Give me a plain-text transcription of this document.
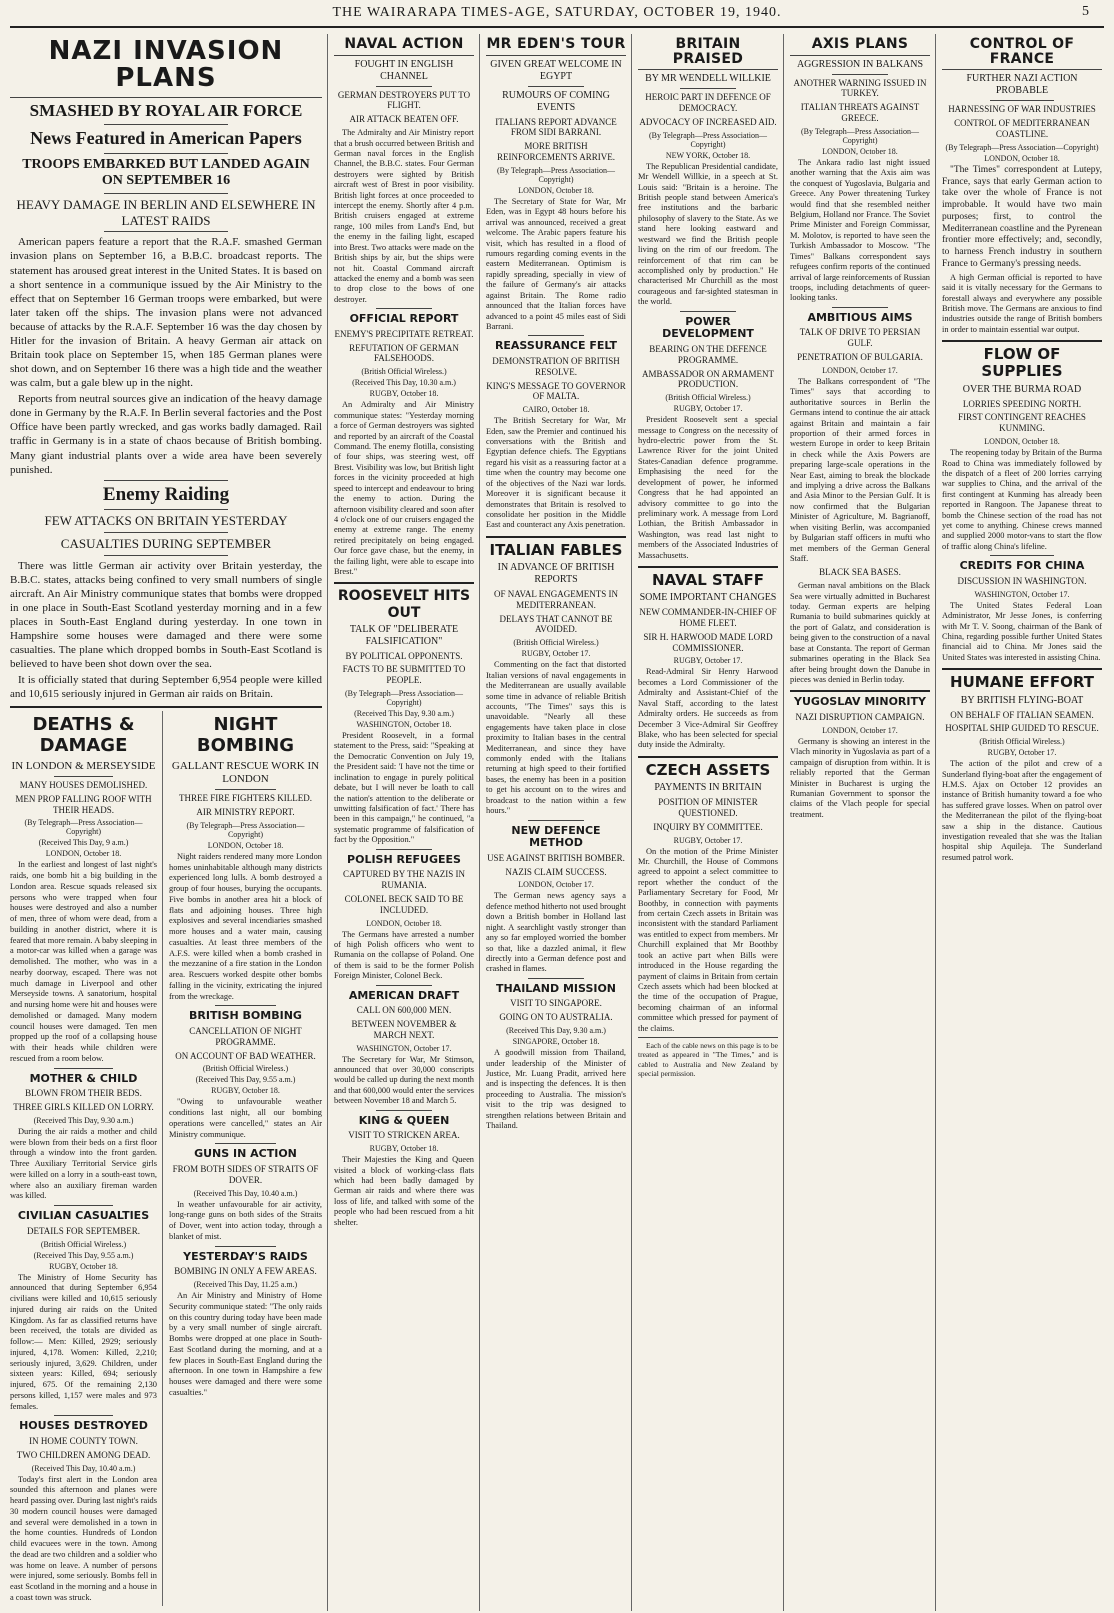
THE WAIRARAPA TIMES-AGE, SATURDAY, OCTOBER 19, 1940.	5
NAZI INVASION PLANS
SMASHED BY ROYAL AIR FORCE
News Featured in American Papers
TROOPS EMBARKED BUT LANDED AGAIN ON SEPTEMBER 16
HEAVY DAMAGE IN BERLIN AND ELSEWHERE IN LATEST RAIDS

American papers feature a report that the R.A.F. smashed German invasion plans on September 16, a B.B.C. broadcast reports. The statement has aroused great interest in the United States. It is based on a short sentence in a communique issued by the Air Ministry to the effect that on September 16 German troops were embarked, but were later taken off the ships. The invasion plans were not advanced because of attacks by the R.A.F. September 16 was the day chosen by Hitler for the invasion of Britain. A heavy German air attack on Britain took place on September 15, when 185 German planes were shot down, and on September 16 there was a high tide and the weather was calm, but a gale blew up in the night.

Reports from neutral sources give an indication of the heavy damage done in Germany by the R.A.F. In Berlin several factories and the Post Office have been partly wrecked, and gas works badly damaged. Rail traffic in Germany is in a state of chaos because of British bombing. Many giant industrial plants over a wide area have been severely punished.

Enemy Raiding
FEW ATTACKS ON BRITAIN YESTERDAY
CASUALTIES DURING SEPTEMBER

There was little German air activity over Britain yesterday, the B.B.C. states, attacks being confined to very small numbers of single aircraft. An Air Ministry communique states that bombs were dropped in one place in South-East Scotland yesterday morning and in a few places in South-East England during yesterday. In one town in Hampshire some houses were damaged and there were some casualties. The plane which dropped bombs in South-East Scotland is believed to have been shot down over the sea.

It is officially stated that during September 6,954 people were killed and 10,615 seriously injured in German air raids on Britain.

DEATHS & DAMAGE
IN LONDON & MERSEYSIDE
MANY HOUSES DEMOLISHED.
MEN PROP FALLING ROOF WITH THEIR HEADS.
(By Telegraph—Press Association—Copyright)
(Received This Day, 9 a.m.)
LONDON, October 18.

In the earliest and longest of last night's raids, one bomb hit a big building in the London area. Rescue squads released six persons who were trapped when four houses were destroyed and also a number of men, three of whom were dead, from a building in another district, where it is feared that more remain. A baby sleeping in a motor-car was killed when a garage was demolished. The mother, who was in a nearby doorway, escaped. There was not much damage in Liverpool and other Merseyside towns. A sanatorium, hospital and nursing home were hit and houses were demolished or damaged. Many modern council houses were damaged. Ten men propped up the roof of a collapsing house with their heads while children were rescued from a room below.

MOTHER & CHILD
BLOWN FROM THEIR BEDS.
THREE GIRLS KILLED ON LORRY.
(Received This Day, 9.30 a.m.)

During the air raids a mother and child were blown from their beds on a first floor through a window into the front garden. Three Auxiliary Territorial Service girls were killed on a lorry in a south-east town, where also an auxiliary fireman warden was killed.

CIVILIAN CASUALTIES
DETAILS FOR SEPTEMBER.
(British Official Wireless.)
(Received This Day, 9.55 a.m.)
RUGBY, October 18.

The Ministry of Home Security has announced that during September 6,954 civilians were killed and 10,615 seriously injured during air raids on the United Kingdom. As far as classified returns have been received, the totals are divided as follow:— Men: Killed, 2929; seriously injured, 4,178. Women: Killed, 2,210; seriously injured, 3,629. Children, under sixteen years: Killed, 694; seriously injured, 675. Of the remaining 2,130 persons killed, 1,157 were males and 973 females.

HOUSES DESTROYED
IN HOME COUNTY TOWN.
TWO CHILDREN AMONG DEAD.
(Received This Day, 10.40 a.m.)

Today's first alert in the London area sounded this afternoon and planes were heard passing over. During last night's raids 30 modern council houses were damaged and several were demolished in a town in the home counties. Hundreds of London child evacuees were in the town. Among the dead are two children and a soldier who was home on leave. A number of persons were injured, some seriously. Bombs fell in east Scotland in the morning and a house in a coast town was struck.

NIGHT BOMBING
GALLANT RESCUE WORK IN LONDON
THREE FIRE FIGHTERS KILLED.
AIR MINISTRY REPORT.
(By Telegraph—Press Association—Copyright)
LONDON, October 18.

Night raiders rendered many more London homes uninhabitable although many districts experienced long lulls. A bomb destroyed a group of four houses, burying the occupants. Five bombs in another area hit a block of flats and adjoining houses. Three high explosives and several incendiaries smashed more houses and a water main, causing casualties. At least three members of the A.F.S. were killed when a bomb crashed in the mezzanine of a fire station in the London area. Rescuers worked despite other bombs falling in the vicinity, extricating the injured from the wreckage.

BRITISH BOMBING
CANCELLATION OF NIGHT PROGRAMME.
ON ACCOUNT OF BAD WEATHER.
(British Official Wireless.)
(Received This Day, 9.55 a.m.)
RUGBY, October 18.

"Owing to unfavourable weather conditions last night, all our bombing operations were cancelled," states an Air Ministry communique.

GUNS IN ACTION
FROM BOTH SIDES OF STRAITS OF DOVER.
(Received This Day, 10.40 a.m.)

In weather unfavourable for air activity, long-range guns on both sides of the Straits of Dover, went into action today, through a blanket of mist.

YESTERDAY'S RAIDS
BOMBING IN ONLY A FEW AREAS.
(Received This Day, 11.25 a.m.)

An Air Ministry and Ministry of Home Security communique stated: "The only raids on this country during today have been made by a very small number of single aircraft. Bombs were dropped at one place in South-East Scotland during the morning, and at a few places in South-East England during the afternoon. In one town in Hampshire a few houses were damaged and there were some casualties."

NAVAL ACTION
FOUGHT IN ENGLISH CHANNEL
GERMAN DESTROYERS PUT TO FLIGHT.
AIR ATTACK BEATEN OFF.

The Admiralty and Air Ministry report that a brush occurred between British and German naval forces in the English Channel, the B.B.C. states. Four German destroyers were sighted by British aircraft west of Brest in poor visibility. British light forces at once proceeded to intercept the enemy. Shortly after 4 p.m. British cruisers engaged at extreme range, 100 miles from Land's End, but the enemy in the failing light, escaped into Brest. Two attacks were made on the British ships by air, but the ships were not hit. Coastal Command aircraft attacked the enemy and a bomb was seen to drop close to the bows of one destroyer.

OFFICIAL REPORT
ENEMY'S PRECIPITATE RETREAT.
REFUTATION OF GERMAN FALSEHOODS.
(British Official Wireless.)
(Received This Day, 10.30 a.m.)
RUGBY, October 18.

An Admiralty and Air Ministry communique states: "Yesterday morning a force of German destroyers was sighted and reported by an aircraft of the Coastal Command. The enemy flotilla, consisting of four ships, was steering west, off Brest. Visibility was low, but British light forces in the vicinity proceeded at high speed to intercept and endeavour to bring the enemy to action. During the afternoon visibility cleared and soon after 4 o'clock one of our cruisers engaged the enemy at extreme range. The enemy retired precipitately on being engaged. Our force gave chase, but the enemy, in the failing light, were able to escape into Brest."

ROOSEVELT HITS OUT
TALK OF "DELIBERATE FALSIFICATION"
BY POLITICAL OPPONENTS.
FACTS TO BE SUBMITTED TO PEOPLE.
(By Telegraph—Press Association—Copyright)
(Received This Day, 9.30 a.m.)
WASHINGTON, October 18.

President Roosevelt, in a formal statement to the Press, said: "Speaking at the Democratic Convention on July 19, the President said: 'I have not the time or inclination to engage in purely political debate, but I will never be loath to call the nation's attention to the deliberate or unwitting falsification of fact.' There has been in this campaign," he continued, "a systematic programme of falsification of fact by the Opposition."

POLISH REFUGEES
CAPTURED BY THE NAZIS IN RUMANIA.
COLONEL BECK SAID TO BE INCLUDED.
LONDON, October 18.

The Germans have arrested a number of high Polish officers who went to Rumania on the collapse of Poland. One of them is said to be the former Polish Foreign Minister, Colonel Beck.

AMERICAN DRAFT
CALL ON 600,000 MEN.
BETWEEN NOVEMBER & MARCH NEXT.
WASHINGTON, October 17.

The Secretary for War, Mr Stimson, announced that over 30,000 conscripts would be called up during the next month and that 600,000 would enter the services between November 18 and March 5.

KING & QUEEN
VISIT TO STRICKEN AREA.
RUGBY, October 18.

Their Majesties the King and Queen visited a block of working-class flats which had been badly damaged by German air raids and where there was loss of life, and talked with some of the people who had been rescued from a hit shelter.

MR EDEN'S TOUR
GIVEN GREAT WELCOME IN EGYPT
RUMOURS OF COMING EVENTS
ITALIANS REPORT ADVANCE FROM SIDI BARRANI.
MORE BRITISH REINFORCEMENTS ARRIVE.
(By Telegraph—Press Association—Copyright)
LONDON, October 18.

The Secretary of State for War, Mr Eden, was in Egypt 48 hours before his arrival was announced, received a great welcome. The Arabic papers feature his visit, which has resulted in a flood of rumours regarding coming events in the eastern Mediterranean. Optimism is rapidly spreading, specially in view of the failure of Germany's air attacks against Britain. The Rome radio announced that the Italian forces have advanced to a point 45 miles east of Sidi Barrani.

REASSURANCE FELT
DEMONSTRATION OF BRITISH RESOLVE.
KING'S MESSAGE TO GOVERNOR OF MALTA.
CAIRO, October 18.

The British Secretary for War, Mr Eden, saw the Premier and continued his conversations with the British and Egyptian defence chiefs. The Egyptians regard his visit as a reassuring factor at a time when the country may become one of the objectives of the Nazi war lords. Moreover it is significant because it demonstrates that Britain is resolved to consolidate her position in the Middle East and counteract any Axis penetration.

ITALIAN FABLES
IN ADVANCE OF BRITISH REPORTS
OF NAVAL ENGAGEMENTS IN MEDITERRANEAN.
DELAYS THAT CANNOT BE AVOIDED.
(British Official Wireless.)
RUGBY, October 17.

Commenting on the fact that distorted Italian versions of naval engagements in the Mediterranean are usually available some time in advance of reliable British accounts, "The Times" says this is unavoidable. "Nearly all these engagements have taken place in close proximity to Italian bases in the central Mediterranean, and since they have commonly ended with the Italians returning at high speed to their fortified bases, the enemy has been in a position to get his account on to the wires and broadcast to the nation within a few hours."

NEW DEFENCE METHOD
USE AGAINST BRITISH BOMBER.
NAZIS CLAIM SUCCESS.
LONDON, October 17.

The German news agency says a defence method hitherto not used brought down a British bomber in Holland last night. A searchlight vastly stronger than any so far employed worried the bomber so that, like a dazzled animal, it flew directly into a German defence post and crashed in flames.

THAILAND MISSION
VISIT TO SINGAPORE.
GOING ON TO AUSTRALIA.
(Received This Day, 9.30 a.m.)
SINGAPORE, October 18.

A goodwill mission from Thailand, under leadership of the Minister of Justice, Mr. Luang Pradit, arrived here and is inspecting the defences. It is then proceeding to Australia. The mission's visit to the trip was designed to strengthen relations between Britain and Thailand.

BRITAIN PRAISED
BY MR WENDELL WILLKIE
HEROIC PART IN DEFENCE OF DEMOCRACY.
ADVOCACY OF INCREASED AID.
(By Telegraph—Press Association—Copyright)
NEW YORK, October 18.

The Republican Presidential candidate, Mr Wendell Willkie, in a speech at St. Louis said: "Britain is a heroine. The British people stand between America's free institutions and the barbaric philosophy of slavery to the State. As we stand here looking eastward and westward we find the British people living on the rim of our freedom. The reinforcement of that rim can be accomplished only by production." He characterised Mr Churchill as the most courageous and far-sighted statesman in the world.

POWER DEVELOPMENT
BEARING ON THE DEFENCE PROGRAMME.
AMBASSADOR ON ARMAMENT PRODUCTION.
(British Official Wireless.)
RUGBY, October 17.

President Roosevelt sent a special message to Congress on the necessity of hydro-electric power from the St. Lawrence River for the joint United States-Canadian defence programme. Emphasising the need for the development of power, he informed Congress that he had appointed an advisory committee to go into the preliminary work. A message from Lord Lothian, the British Ambassador in Washington, was read last night to members of the Associated Industries of Massachusetts.

NAVAL STAFF
SOME IMPORTANT CHANGES
NEW COMMANDER-IN-CHIEF OF HOME FLEET.
SIR H. HARWOOD MADE LORD COMMISSIONER.
RUGBY, October 17.

Read-Admiral Sir Henry Harwood becomes a Lord Commissioner of the Admiralty and Assistant-Chief of the Naval Staff, according to the latest Admiralty orders. He succeeds as from December 3 Vice-Admiral Sir Geoffrey Blake, who has been selected for special duty inside the Admiralty.

CZECH ASSETS
PAYMENTS IN BRITAIN
POSITION OF MINISTER QUESTIONED.
INQUIRY BY COMMITTEE.
RUGBY, October 17.

On the motion of the Prime Minister Mr. Churchill, the House of Commons agreed to appoint a select committee to report whether the conduct of the Parliamentary Secretary for Food, Mr Boothby, in connection with payments from certain Czech assets in Britain was inconsistent with the standard Parliament was entitled to expect from members. Mr Churchill explained that Mr Boothby took an active part when Bills were introduced in the House regarding the payment of claims in Britain from certain Czech assets which had been blocked at the time of the occupation of Prague, becoming chairman of an informal committee which pressed for payment of the claims.

Each of the cable news on this page is to be treated as appeared in "The Times," and is cabled to Australia and New Zealand by special permission.

AXIS PLANS
AGGRESSION IN BALKANS
ANOTHER WARNING ISSUED IN TURKEY.
ITALIAN THREATS AGAINST GREECE.
(By Telegraph—Press Association—Copyright)
LONDON, October 18.

The Ankara radio last night issued another warning that the Axis aim was the conquest of Yugoslavia, Bulgaria and Greece. Any Power threatening Turkey would find that she resembled neither Belgium, Holland nor France. The Soviet Prime Minister and Foreign Commissar, M. Molotov, is reported to have seen the Turkish Ambassador to Moscow. "The Times" Balkans correspondent says refugees confirm reports of the continued arrival of large reinforcements of Russian troops, including detachments of queer-looking tanks.

AMBITIOUS AIMS
TALK OF DRIVE TO PERSIAN GULF.
PENETRATION OF BULGARIA.
LONDON, October 17.

The Balkans correspondent of "The Times" says that according to authoritative sources in Berlin the Germans intend to continue the air attack against Britain and maintain a fair proportion of their armed forces in western Europe in order to keep Britain in check while the Axis Powers are preparing large-scale operations in the Near East, aiming to break the blockade and implying a drive across the Balkans and Asia Minor to the Persian Gulf. It is now confirmed that the Bulgarian Minister of Agriculture, M. Bagrianoff, when visiting Berlin, was accompanied by Bulgarian staff officers in mufti who met members of the German General Staff.

BLACK SEA BASES.

German naval ambitions on the Black Sea were virtually admitted in Bucharest today. German experts are helping Rumania to build submarines quickly at the port of Galatz, and consideration is being given to the construction of a naval base at Constanta. The report of German submarines operating in the Black Sea after being brought down the Danube in pieces was denied in Berlin today.

YUGOSLAV MINORITY
NAZI DISRUPTION CAMPAIGN.
LONDON, October 17.

Germany is showing an interest in the Vlach minority in Yugoslavia as part of a campaign of disruption from within. It is reliably reported that the German Minister in Bucharest is urging the Rumanian Government to sponsor the claims of the Vlach people for special treatment.

CONTROL OF FRANCE
FURTHER NAZI ACTION PROBABLE
HARNESSING OF WAR INDUSTRIES
CONTROL OF MEDITERRANEAN COASTLINE.
(By Telegraph—Press Association—Copyright)
LONDON, October 18.

"The Times" correspondent at Lutepy, France, says that early German action to take over the whole of France is not improbable. It would have two main purposes; first, to control the Mediterranean coastline and the Pyrenean frontier more effectively; and, secondly, to harness French industry in southern France to Germany's pressing needs.

A high German official is reported to have said it is vitally necessary for the Germans to forestall always and everywhere any possible British move. The Germans are anxious to find industries outside the range of British bombers in order to maintain essential war output.

FLOW OF SUPPLIES
OVER THE BURMA ROAD
LORRIES SPEEDING NORTH.
FIRST CONTINGENT REACHES KUNMING.
LONDON, October 18.

The reopening today by Britain of the Burma Road to China was immediately followed by the dispatch of a fleet of 200 lorries carrying war supplies to China, and the arrival of the first contingent at Kunming has already been reported in Rangoon. The Japanese threat to bomb the Chinese section of the road has not yet come to anything. Chinese crews manned and supplied 2000 motor-vans to start the flow of traffic along China's lifeline.

CREDITS FOR CHINA
DISCUSSION IN WASHINGTON.
WASHINGTON, October 17.

The United States Federal Loan Administrator, Mr Jesse Jones, is conferring with Mr T. V. Soong, chairman of the Bank of China, regarding possible further United States financial aid to China. Mr Jones said the United States was interested in assisting China.

HUMANE EFFORT
BY BRITISH FLYING-BOAT
ON BEHALF OF ITALIAN SEAMEN.
HOSPITAL SHIP GUIDED TO RESCUE.
(British Official Wireless.)
RUGBY, October 17.

The action of the pilot and crew of a Sunderland flying-boat after the engagement of H.M.S. Ajax on October 12 provides an instance of British humanity toward a foe who has suffered grave losses. When on patrol over the Mediterranean the pilot of the flying-boat saw a ship in the distance. Cautious investigation revealed that she was the Italian hospital ship Aquileja. The Sunderland resumed patrol work.
